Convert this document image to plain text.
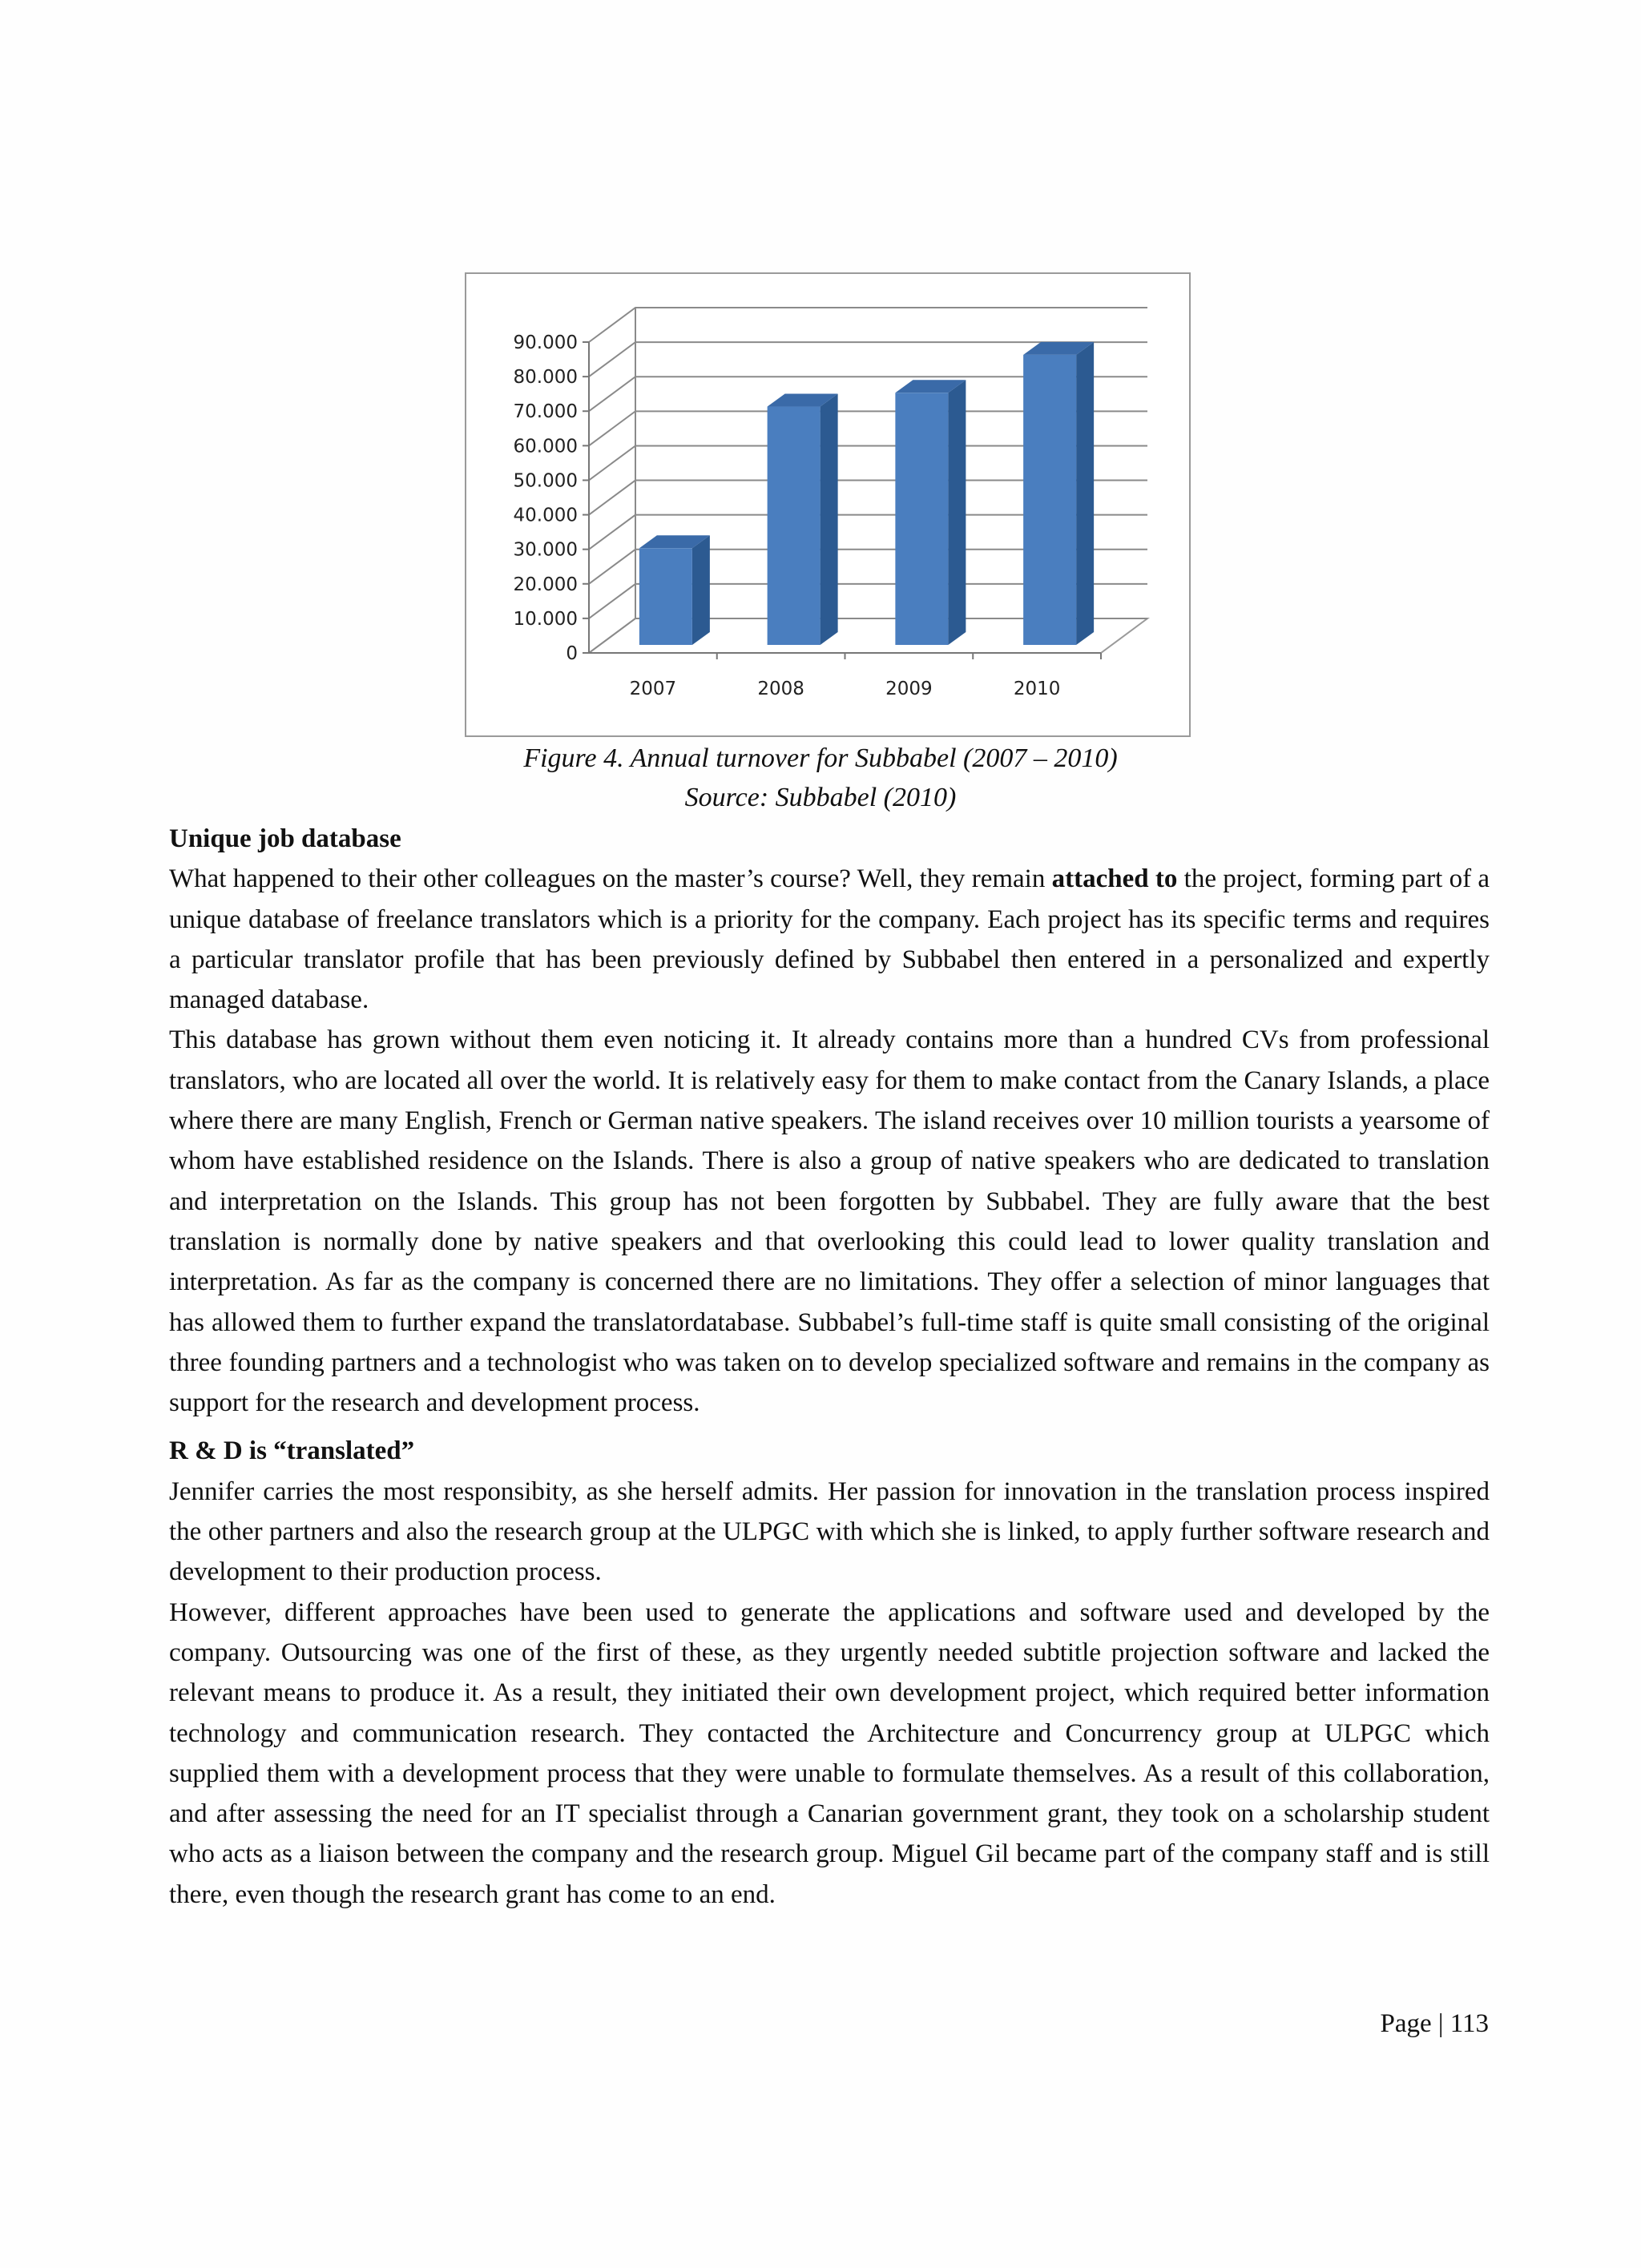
0
10.000
20.000
30.000
40.000
50.000
60.000
70.000
80.000
90.000
2007	2008	2009	2010
Figure 4. Annual turnover for Subbabel (2007 – 2010)
Source: Subbabel (2010)
Unique job database

What happened to their other colleagues on the master’s course? Well, they remain attached to the project, forming part of a unique database of freelance translators which is a priority for the company. Each project has its specific terms and requires a particular translator profile that has been previously defined by Subbabel then entered in a personalized and expertly managed database.

This database has grown without them even noticing it. It already contains more than a hundred CVs from professional translators, who are located all over the world. It is relatively easy for them to make contact from the Canary Islands, a place where there are many English, French or German native speakers. The island receives over 10 million tourists a yearsome of whom have established residence on the Islands. There is also a group of native speakers who are dedicated to translation and interpretation on the Islands. This group has not been forgotten by Subbabel. They are fully aware that the best translation is normally done by native speakers and that overlooking this could lead to lower quality translation and interpretation. As far as the company is concerned there are no limitations. They offer a selection of minor languages that has allowed them to further expand the translatordatabase. Subbabel’s full-time staff is quite small consisting of the original three founding partners and a technologist who was taken on to develop specialized software and remains in the company as support for the research and development process.

R & D is “translated”

Jennifer carries the most responsibity, as she herself admits. Her passion for innovation in the translation process inspired the other partners and also the research group at the ULPGC with which she is linked, to apply further software research and development to their production process.

However, different approaches have been used to generate the applications and software used and developed by the company. Outsourcing was one of the first of these, as they urgently needed subtitle projection software and lacked the relevant means to produce it. As a result, they initiated their own development project, which required better information technology and communication research. They contacted the Architecture and Concurrency group at ULPGC which supplied them with a development process that they were unable to formulate themselves. As a result of this collaboration, and after assessing the need for an IT specialist through a Canarian government grant, they took on a scholarship student who acts as a liaison between the company and the research group. Miguel Gil became part of the company staff and is still there, even though the research grant has come to an end.

Page | 113
